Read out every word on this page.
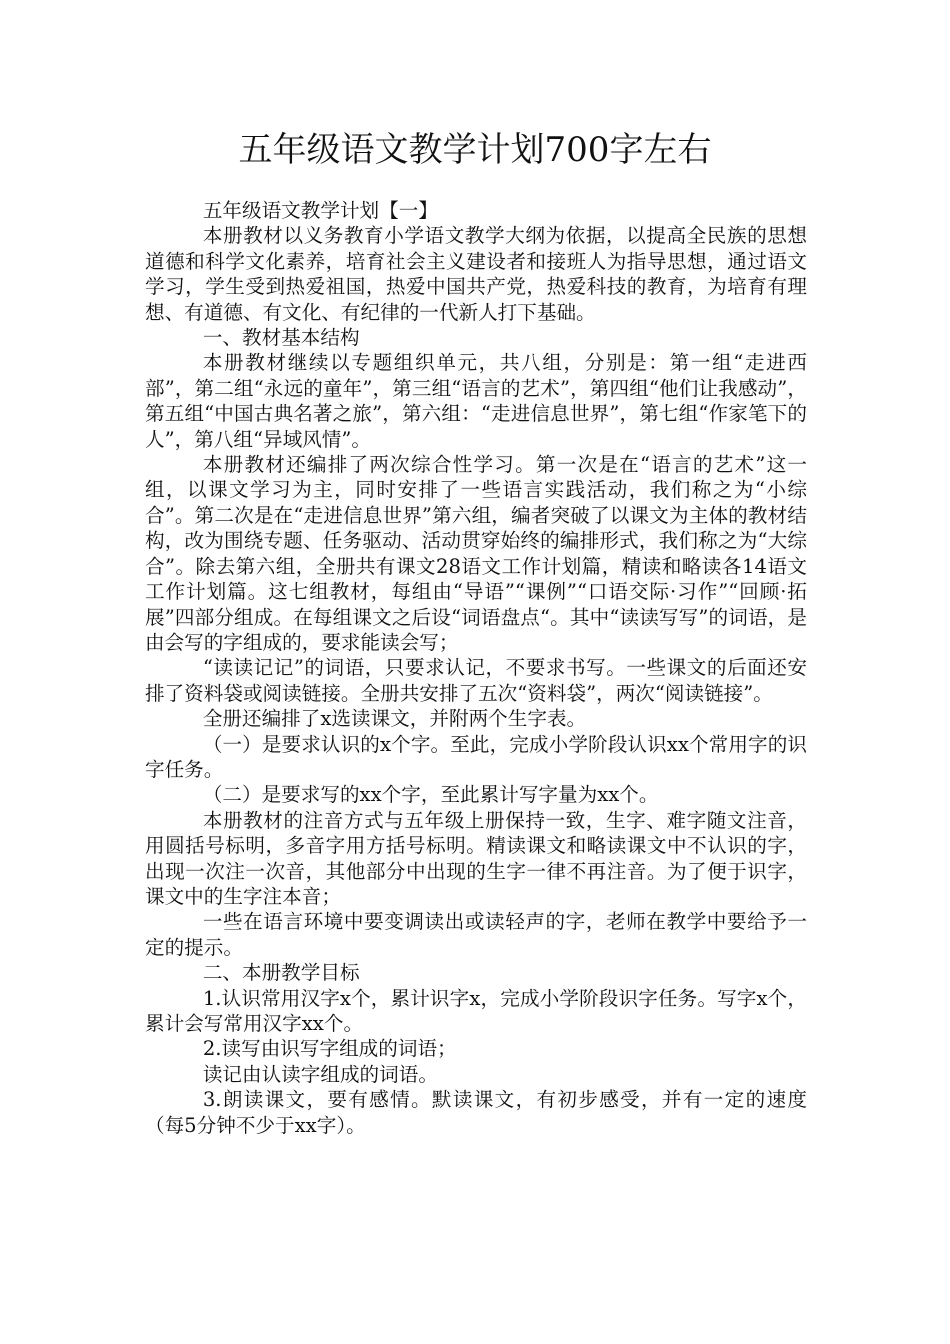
五年级语文教学计划700字左右

五年级语文教学计划【一】

本册教材以义务教育小学语文教学大纲为依据，以提高全民族的思想道德和科学文化素养，培育社会主义建设者和接班人为指导思想，通过语文学习，学生受到热爱祖国，热爱中国共产党，热爱科技的教育，为培育有理想、有道德、有文化、有纪律的一代新人打下基础。

一、教材基本结构

本册教材继续以专题组织单元，共八组，分别是：第一组“走进西部”，第二组“永远的童年”，第三组“语言的艺术”，第四组“他们让我感动”，第五组“中国古典名著之旅”，第六组：“走进信息世界”，第七组“作家笔下的人”，第八组“异域风情”。

本册教材还编排了两次综合性学习。第一次是在“语言的艺术”这一组，以课文学习为主，同时安排了一些语言实践活动，我们称之为“小综合”。第二次是在“走进信息世界”第六组，编者突破了以课文为主体的教材结构，改为围绕专题、任务驱动、活动贯穿始终的编排形式，我们称之为“大综合”。除去第六组，全册共有课文28语文工作计划篇，精读和略读各14语文工作计划篇。这七组教材，每组由“导语”“课例”“口语交际·习作”“回顾·拓展”四部分组成。在每组课文之后设“词语盘点“。其中“读读写写”的词语，是由会写的字组成的，要求能读会写；

“读读记记”的词语，只要求认记，不要求书写。一些课文的后面还安排了资料袋或阅读链接。全册共安排了五次“资料袋”，两次“阅读链接”。

全册还编排了x选读课文，并附两个生字表。

（一）是要求认识的x个字。至此，完成小学阶段认识xx个常用字的识字任务。

（二）是要求写的xx个字，至此累计写字量为xx个。

本册教材的注音方式与五年级上册保持一致，生字、难字随文注音，用圆括号标明，多音字用方括号标明。精读课文和略读课文中不认识的字，出现一次注一次音，其他部分中出现的生字一律不再注音。为了便于识字，课文中的生字注本音；

一些在语言环境中要变调读出或读轻声的字，老师在教学中要给予一定的提示。

二、本册教学目标

1.认识常用汉字x个，累计识字x，完成小学阶段识字任务。写字x个，累计会写常用汉字xx个。

2.读写由识写字组成的词语；

读记由认读字组成的词语。

3.朗读课文，要有感情。默读课文，有初步感受，并有一定的速度（每5分钟不少于xx字）。
